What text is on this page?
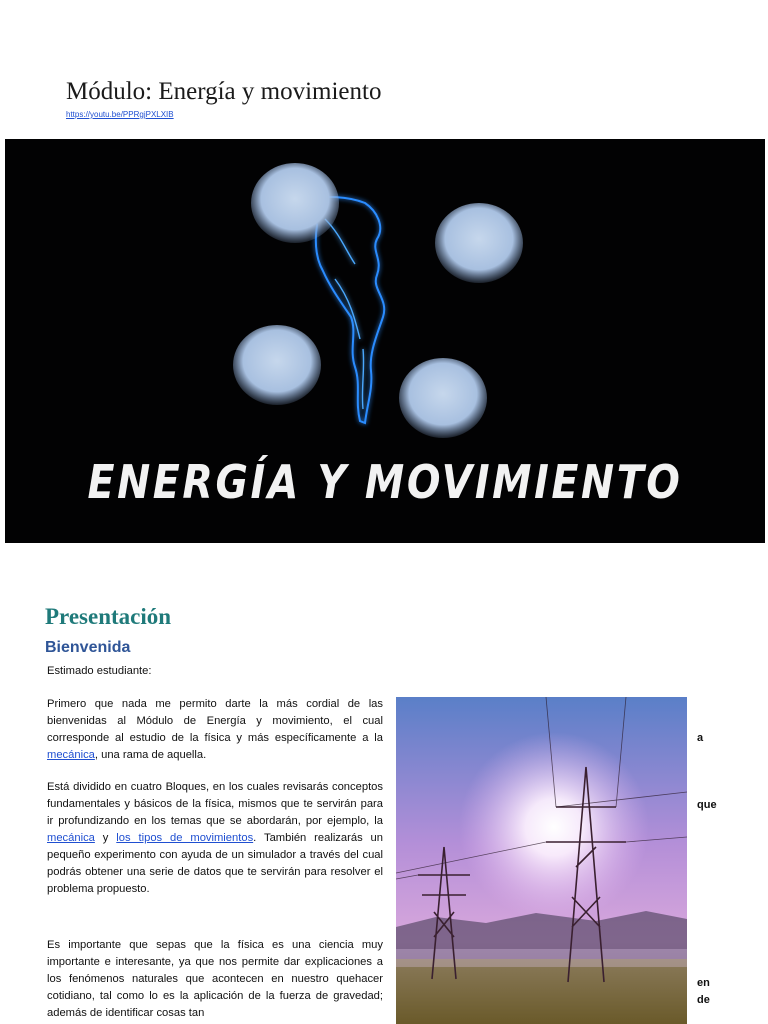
Módulo: Energía y movimiento
https://youtu.be/PPRgjPXLXIB
ENERGÍA Y MOVIMIENTO
Presentación
Bienvenida
Estimado estudiante:

Primero que nada me permito darte la más cordial de las bienvenidas al Módulo de Energía y movimiento, el cual corresponde al estudio de la física y más específicamente a la mecánica, una rama de aquella.

Está dividido en cuatro Bloques, en los cuales revisarás conceptos fundamentales y básicos de la física, mismos que te servirán para ir profundizando en los temas que se abordarán, por ejemplo, la mecánica y los tipos de movimientos. También realizarás un pequeño experimento con ayuda de un simulador a través del cual podrás obtener una serie de datos que te servirán para resolver el problema propuesto.

Es importante que sepas que la física es una ciencia muy importante e interesante, ya que nos permite dar explicaciones a los fenómenos naturales que acontecen en nuestro quehacer cotidiano, tal como lo es la aplicación de la fuerza de gravedad; además de identificar cosas tan

a
que
en
de
